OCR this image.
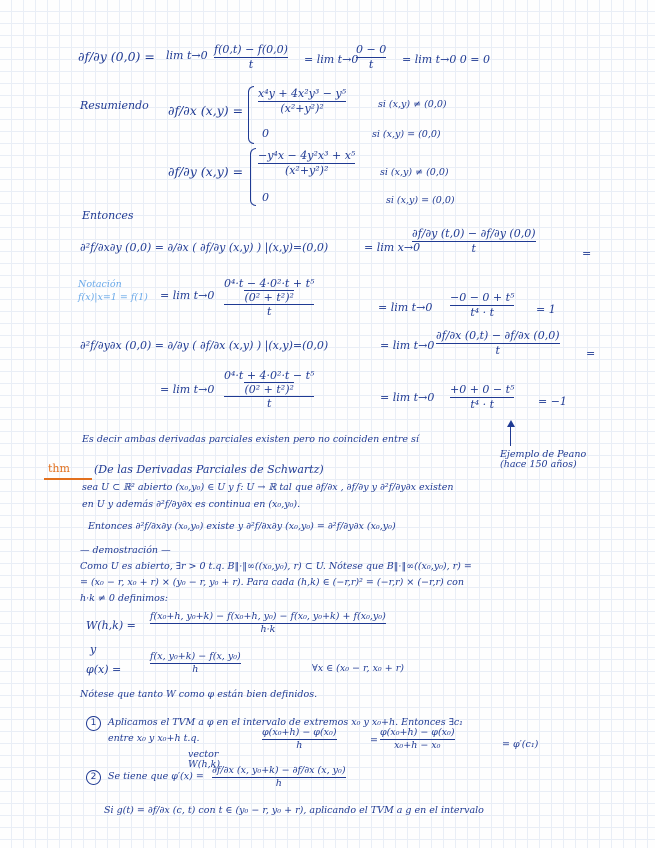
∂f/∂y (0,0) = lim t→0 f(0,t) − f(0,0)
t	= lim t→0
0 − 0
t	= lim t→0 0 = 0
Resumiendo ∂f/∂x (x,y) =
x⁴y + 4x²y³ − y⁵
(x²+y²)²	si (x,y) ≠ (0,0)
0	si (x,y) = (0,0)
∂f/∂y (x,y) =
−y⁴x − 4y²x³ + x⁵
(x²+y²)²	si (x,y) ≠ (0,0)
0	si (x,y) = (0,0)
Entonces
∂²f/∂x∂y (0,0) = ∂/∂x ( ∂f/∂y (x,y) ) |(x,y)=(0,0)	= lim x→0
∂f/∂y (t,0) − ∂f/∂y (0,0)
t	=
Notación
f(x)|x=1 = f(1) = lim t→0
0⁴·t − 4·0²·t + t⁵
(0² + t²)²
t	= lim t→0
−0 − 0 + t⁵
t⁴ · t	= 1
∂²f/∂y∂x (0,0) = ∂/∂y ( ∂f/∂x (x,y) ) |(x,y)=(0,0)	= lim t→0
∂f/∂x (0,t) − ∂f/∂x (0,0)
t	=
= lim t→0
0⁴·t + 4·0²·t − t⁵
(0² + t²)²
t	= lim t→0
+0 + 0 − t⁵
t⁴ · t	= −1
Es decir ambas derivadas parciales existen pero no coinciden entre sí
Ejemplo de Peano (hace 150 años)
thm (De las Derivadas Parciales de Schwartz)
sea U ⊂ ℝ² abierto (x₀,y₀) ∈ U y f: U → ℝ tal que ∂f/∂x , ∂f/∂y y ∂²f/∂y∂x existen
en U y además ∂²f/∂y∂x es continua en (x₀,y₀).
Entonces ∂²f/∂x∂y (x₀,y₀) existe y ∂²f/∂x∂y (x₀,y₀) = ∂²f/∂y∂x (x₀,y₀)
— demostración —
Como U es abierto, ∃r > 0 t.q. B‖·‖∞((x₀,y₀), r) ⊂ U. Nótese que B‖·‖∞((x₀,y₀), r) =
= (x₀ − r, x₀ + r) × (y₀ − r, y₀ + r). Para cada (h,k) ∈ (−r,r)² = (−r,r) × (−r,r) con
h·k ≠ 0 definimos:
W(h,k) =
f(x₀+h, y₀+k) − f(x₀+h, y₀) − f(x₀, y₀+k) + f(x₀,y₀)
h·k
y
φ(x) =
f(x, y₀+k) − f(x, y₀)
h	∀x ∈ (x₀ − r, x₀ + r)
Nótese que tanto W como φ están bien definidos.
1	Aplicamos el TVM a φ en el intervalo de extremos x₀ y x₀+h. Entonces ∃c₁
entre x₀ y x₀+h t.q.
φ(x₀+h) − φ(x₀)
h	=
φ(x₀+h) − φ(x₀)
x₀+h − x₀	= φ′(c₁)
vector W(h,k)
2	Se tiene que φ′(x) =
∂f/∂x (x, y₀+k) − ∂f/∂x (x, y₀)
h
Si g(t) = ∂f/∂x (c, t) con t ∈ (y₀ − r, y₀ + r), aplicando el TVM a g en el intervalo
